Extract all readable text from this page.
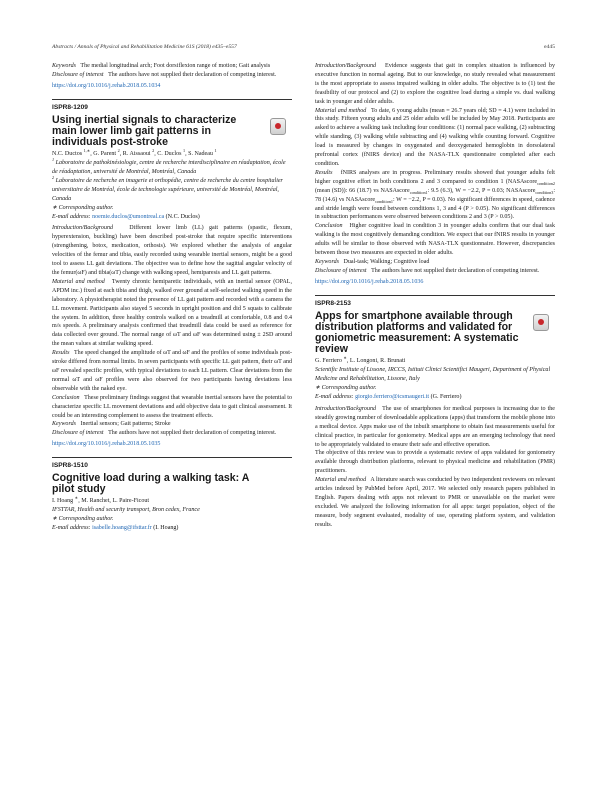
Abstracts / Annals of Physical and Rehabilitation Medicine 61S (2018) e435–e557	e445

Keywords The medial longitudinal arch; Foot dorsiflexion range of motion; Gait analysis

Disclosure of interest The authors have not supplied their declaration of competing interest.

https://doi.org/10.1016/j.rehab.2018.05.1034

ISPR8-1209

Using inertial signals to characterize main lower limb gait patterns in individuals post-stroke

N.C. Ductos $^{1,∗}$, G. Parent $^2$, R. Aissaoui $^2$, C. Duclos $^1$, S. Nadeau $^1$

$^1$ Laboratoire de pathokinésiologie, centre de recherche interdisciplinaire en réadaptation, école de réadaptation, université de Montréal, Montréal, Canada

$^2$ Laboratoire de recherche en imagerie et orthopédie, centre de recherche du centre hospitalier universitaire de Montréal, école de technologie supérieure, université de Montréal, Montréal, Canada

∗ Corresponding author.

E-mail address: noemie.duclos@umontreal.ca (N.C. Duclos)

Introduction/Background	Different lower limb (LL) gait patterns (spastic, flexum, hyperextension, buckling) have been described post-stroke that require specific interventions (strengthening, botox, medication, orthosis). We explored whether the analysis of angular velocities of the femur and tibia, easily recorded using wearable inertial sensors, might be a good tool to assess LL gait deviations. The objective was to define how the sagittal angular velocity of the femur(ωF) and tibia(ωT) change with walking speed, hemiparesis and LL gait patterns.

Material and method Twenty chronic hemiparetic individuals, with an inertial sensor (OPAL, APDM inc.) fixed at each tibia and thigh, walked over ground at self-selected walking speed in the laboratory. A physiotherapist noted the presence of LL gait pattern and recorded with a camera the LL movement. Participants also stayed 5 seconds in upright position and did 5 squats to calibrate the system. In addition, three healthy controls walked on a treadmill at comfortable, 0.8 and 0.4 m/s speeds. A preliminary analysis confirmed that treadmill data could be used as reference for data collected over ground. The normal range of ωT and ωF was determined using ± 2SD around the mean values at similar walking speed.

Results The speed changed the amplitude of ωT and ωF and the profiles of some individuals post-stroke differed from normal limits. In seven participants with specific LL gait pattern, their ωT and ωF revealed specific profiles, with typical deviations to each LL pattern. Clear deviations from the normal ωT and ωF profiles were also observed for two participants having deviations less observable with the naked eye.

Conclusion These preliminary findings suggest that wearable inertial sensors have the potential to characterize specific LL movement deviations and add objective data to gait clinical assessment. It could be an interesting complement to assess the treatment effects.

Keywords Inertial sensors; Gait patterns; Stroke

Disclosure of interest The authors have not supplied their declaration of competing interest.

https://doi.org/10.1016/j.rehab.2018.05.1035

ISPR8-1510

Cognitive load during a walking task: A pilot study

I. Hoang ∗, M. Ranchet, L. Paire-Ficout

IFSTTAR, Health and security transport, Bron cedex, France

∗ Corresponding author.

E-mail address: isabelle.hoang@ifsttar.fr (I. Hoang)

Introduction/Background Evidence suggests that gait in complex situation is influenced by executive function in normal ageing. But to our knowledge, no study revealed what measurement is the most appropriate to assess impaired walking in older adults. The objective is to (1) test the feasibility of our protocol and (2) to explore the cognitive load during a simple vs. dual walking task in younger and older adults.

Material and method To date, 6 young adults (mean = 26.7 years old; SD = 4.1) were included in this study. Fifteen young adults and 25 older adults will be included by May 2018. Participants are asked to achieve a walking task including four conditions: (1) normal pace walking, (2) subtracting while standing, (3) walking while subtracting and (4) walking while counting forward. Cognitive load is measured by changes in oxygenated and deoxygenated hemoglobin in dorsolateral prefrontal cortex (fNIRS device) and the NASA-TLX questionnaire completed after each condition.

Results fNIRS analyses are in progress. Preliminary results showed that younger adults felt higher cognitive effort in both conditions 2 and 3 compared to condition 1 (NASAscore$_{condition2}$ (mean (SD)): 66 (18.7) vs NASAscore$_{condition1}$: 9.5 (6.3), W = −2.2, P = 0.03; NASAscore$_{condition3}$: 78 (14.6) vs NASAscore$_{condition1}$: W = −2.2, P = 0.03). No significant differences in speed, cadence and stride length were found between conditions 1, 3 and 4 (P > 0.05). No significant differences in subtraction performances were observed between conditions 2 and 3 (P > 0.05).

Conclusion Higher cognitive load in condition 3 in younger adults confirm that our dual task walking is the most cognitively demanding condition. We expect that our fNIRS results in younger adults will be similar to those observed with NASA-TLX questionnaire. However, discrepancies between those two measures are expected in older adults.

Keywords Dual-task; Walking; Cognitive load

Disclosure of interest The authors have not supplied their declaration of competing interest.

https://doi.org/10.1016/j.rehab.2018.05.1036

ISPR8-2153

Apps for smartphone available through distribution platforms and validated for goniometric measurement: A systematic review

G. Ferriero ∗, L. Longoni, R. Brunati

Scientific Institute of Lissone, IRCCS, Istituti Clinici Scientifici Maugeri, Department of Physical Medicine and Rehabilitation, Lissone, Italy

∗ Corresponding author.

E-mail address: giorgio.ferriero@icsmaugeri.it (G. Ferriero)

Introduction/Background The use of smartphones for medical purposes is increasing due to the steadily growing number of downloadable applications (apps) that transform the mobile phone into a medical device. Apps make use of the inbuilt smartphone to obtain fast measurements useful for clinical practice, in particular for goniometry. Medical apps are an emerging technology that need to be appropriately validated to ensure their safe and effective operation.

The objective of this review was to provide a systematic review of apps validated for goniometry available through distribution platforms, relevant to physical medicine and rehabilitation (PMR) practitioners.

Material and method A literature search was conducted by two independent reviewers on relevant articles indexed by PubMed before April, 2017. We selected only research papers published in English. Papers dealing with apps not relevant to PMR or unavailable on the market were excluded. We analyzed the following information for all apps: target population, object of the measure, body segment evaluated, modality of use, operating platform system, and validation results.
